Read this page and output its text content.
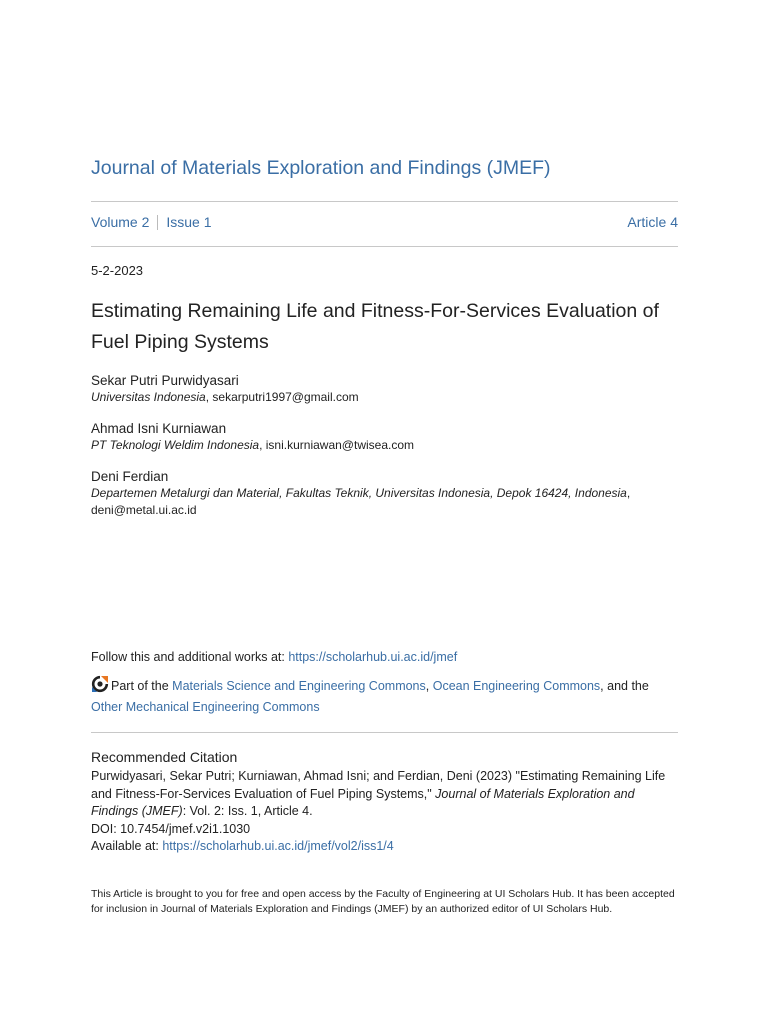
Journal of Materials Exploration and Findings (JMEF)
Volume 2 Issue 1	Article 4
5-2-2023
Estimating Remaining Life and Fitness-For-Services Evaluation of Fuel Piping Systems
Sekar Putri Purwidyasari
Universitas Indonesia, sekarputri1997@gmail.com
Ahmad Isni Kurniawan
PT Teknologi Weldim Indonesia, isni.kurniawan@twisea.com
Deni Ferdian
Departemen Metalurgi dan Material, Fakultas Teknik, Universitas Indonesia, Depok 16424, Indonesia, deni@metal.ui.ac.id
Follow this and additional works at: https://scholarhub.ui.ac.id/jmef
Part of the Materials Science and Engineering Commons, Ocean Engineering Commons, and the Other Mechanical Engineering Commons
Recommended Citation
Purwidyasari, Sekar Putri; Kurniawan, Ahmad Isni; and Ferdian, Deni (2023) "Estimating Remaining Life and Fitness-For-Services Evaluation of Fuel Piping Systems," Journal of Materials Exploration and Findings (JMEF): Vol. 2: Iss. 1, Article 4.
DOI: 10.7454/jmef.v2i1.1030
Available at: https://scholarhub.ui.ac.id/jmef/vol2/iss1/4
This Article is brought to you for free and open access by the Faculty of Engineering at UI Scholars Hub. It has been accepted for inclusion in Journal of Materials Exploration and Findings (JMEF) by an authorized editor of UI Scholars Hub.
